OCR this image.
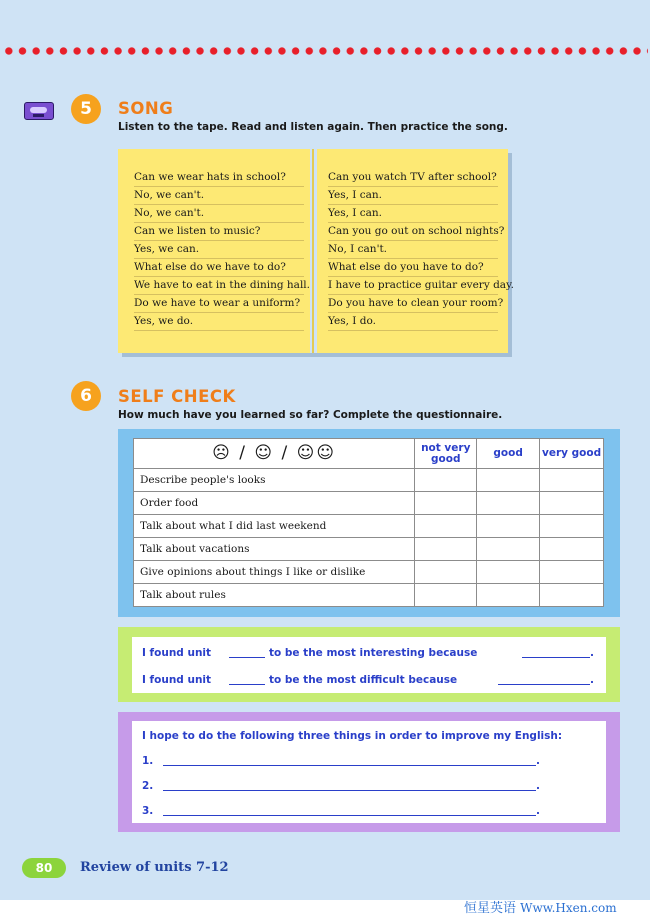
5	SONG
Listen to the tape. Read and listen again. Then practice the song.
Can we wear hats in school?
No, we can't.
No, we can't.
Can we listen to music?
Yes, we can.
What else do we have to do?
We have to eat in the dining hall.
Do we have to wear a uniform?
Yes, we do.
Can you watch TV after school?
Yes, I can.
Yes, I can.
Can you go out on school nights?
No, I can't.
What else do you have to do?
I have to practice guitar every day.
Do you have to clean your room?
Yes, I do.
6	SELF CHECK
How much have you learned so far? Complete the questionnaire.
☹ / ☺ / ☺☺	not very good	good	very good
Describe people's looks			
Order food			
Talk about what I did last weekend			
Talk about vacations			
Give opinions about things I like or dislike			
Talk about rules			
I found unit	to be the most interesting because	.
I found unit	to be the most difficult because	.
I hope to do the following three things in order to improve my English:
1.	.
2.	.
3.	.
80	Review of units 7-12
恒星英语 Www.Hxen.com
